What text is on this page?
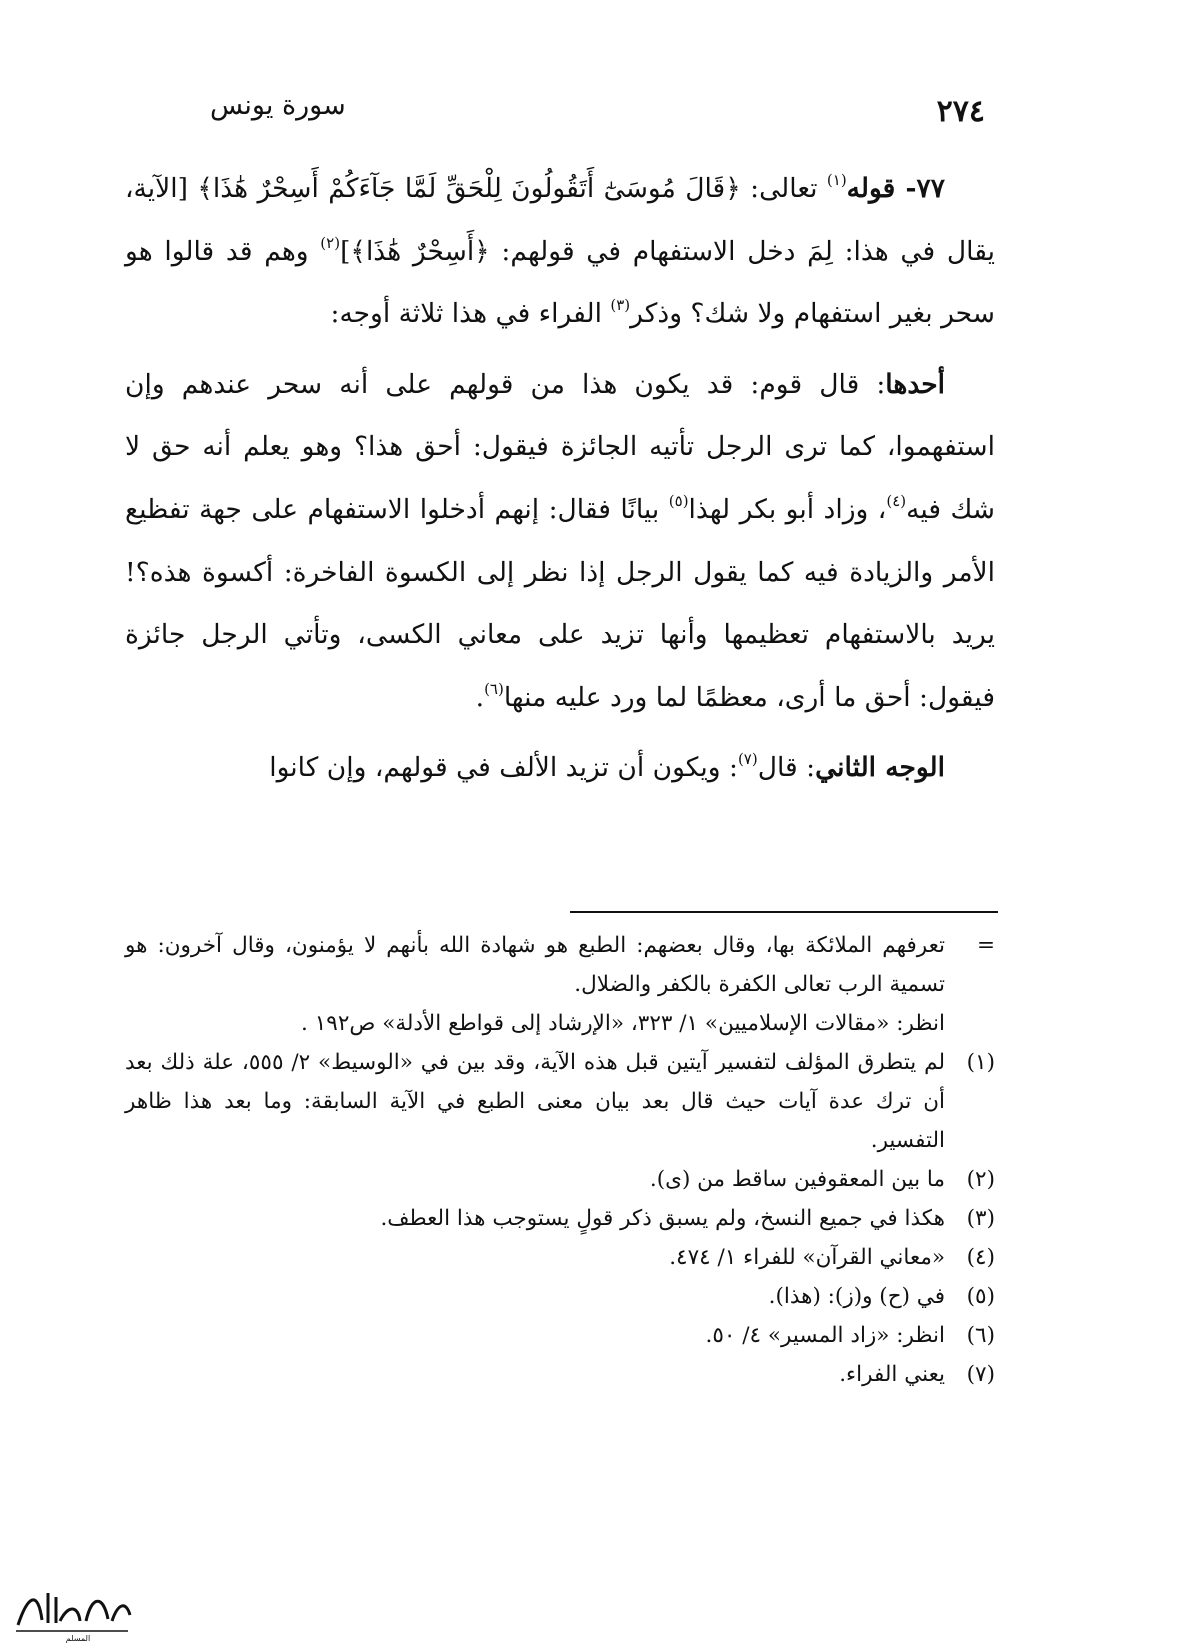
٢٧٤
سورة يونس

٧٧- قوله$^{(١)}$ تعالى: ﴿قَالَ مُوسَىٰٓ أَتَقُولُونَ لِلْحَقِّ لَمَّا جَآءَكُمْ أَسِحْرٌ هَٰذَا﴾ [الآية، يقال في هذا: لِمَ دخل الاستفهام في قولهم: ﴿أَسِحْرٌ هَٰذَا﴾]$^{(٢)}$ وهم قد قالوا هو سحر بغير استفهام ولا شك؟ وذكر$^{(٣)}$ الفراء في هذا ثلاثة أوجه:

أحدها: قال قوم: قد يكون هذا من قولهم على أنه سحر عندهم وإن استفهموا، كما ترى الرجل تأتيه الجائزة فيقول: أحق هذا؟ وهو يعلم أنه حق لا شك فيه$^{(٤)}$، وزاد أبو بكر لهذا$^{(٥)}$ بيانًا فقال: إنهم أدخلوا الاستفهام على جهة تفظيع الأمر والزيادة فيه كما يقول الرجل إذا نظر إلى الكسوة الفاخرة: أكسوة هذه؟! يريد بالاستفهام تعظيمها وأنها تزيد على معاني الكسى، وتأتي الرجل جائزة فيقول: أحق ما أرى، معظمًا لما ورد عليه منها$^{(٦)}$.

الوجه الثاني: قال$^{(٧)}$: ويكون أن تزيد الألف في قولهم، وإن كانوا

=

تعرفهم الملائكة بها، وقال بعضهم: الطبع هو شهادة الله بأنهم لا يؤمنون، وقال آخرون: هو تسمية الرب تعالى الكفرة بالكفر والضلال.

انظر: «مقالات الإسلاميين» ١/ ٣٢٣، «الإرشاد إلى قواطع الأدلة» ص١٩٢ .

(١)
لم يتطرق المؤلف لتفسير آيتين قبل هذه الآية، وقد بين في «الوسيط» ٢/ ٥٥٥، علة ذلك بعد أن ترك عدة آيات حيث قال بعد بيان معنى الطبع في الآية السابقة: وما بعد هذا ظاهر التفسير.
(٢)
ما بين المعقوفين ساقط من (ى).
(٣)
هكذا في جميع النسخ، ولم يسبق ذكر قولٍ يستوجب هذا العطف.
(٤)
«معاني القرآن» للفراء ١/ ٤٧٤.
(٥)
في (ح) و(ز): (هذا).
(٦)
انظر: «زاد المسير» ٤/ ٥٠.
(٧)
يعني الفراء.
المسلم
